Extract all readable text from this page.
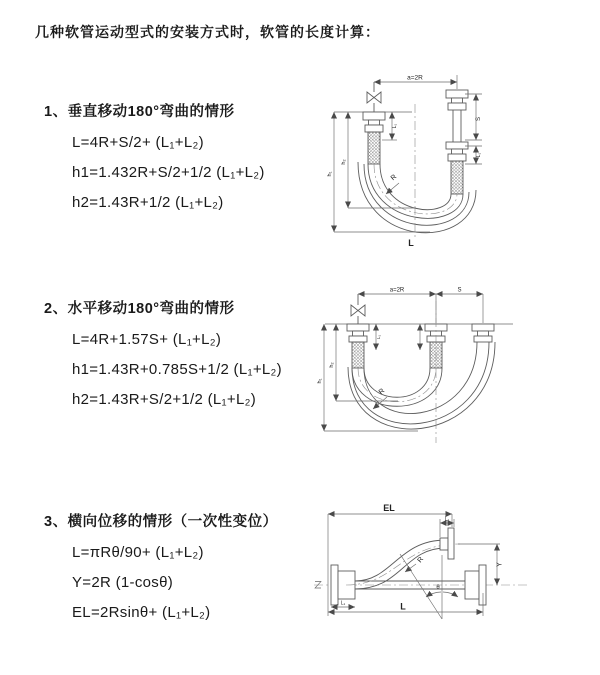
几种软管运动型式的安装方式时，软管的长度计算：

1、垂直移动180°弯曲的情形

L=4R+S/2+ (L₁+L₂)
h1=1.432R+S/2+1/2 (L₁+L₂)
h2=1.43R+1/2 (L₁+L₂)

2、水平移动180°弯曲的情形

L=4R+1.57S+ (L₁+L₂)
h1=1.43R+0.785S+1/2 (L₁+L₂)
h2=1.43R+S/2+1/2 (L₁+L₂)

3、横向位移的情形（一次性变位）

L=πRθ/90+ (L₁+L₂)
Y=2R (1-cosθ)
EL=2Rsinθ+ (L₁+L₂)
a=2R
S
L₁
L₁
h₂
h₁	R
L
a=2R	S
L₁
h₂
h₁
R
EL
L₁
Y
L
L₁
R
θ
